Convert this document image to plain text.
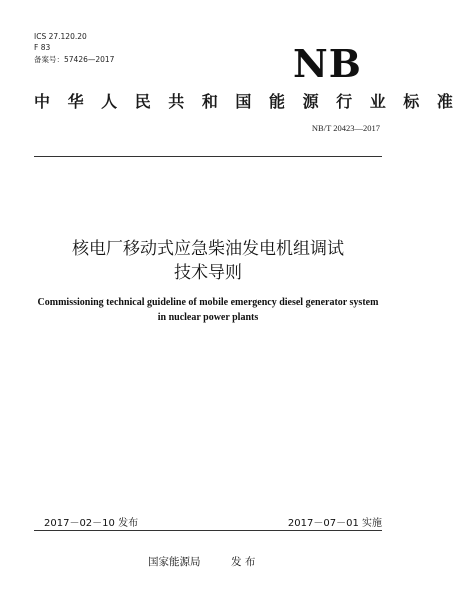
ICS 27.120.20
F 83
备案号：57426—2017	NB
中 华 人 民 共 和 国 能 源 行 业 标 准
NB/T 20423—2017
核电厂移动式应急柴油发电机组调试
技术导则
Commissioning technical guideline of mobile emergency diesel generator system
in nuclear power plants
2017－02－10 发布	2017－07－01 实施
国家能源局	发 布
